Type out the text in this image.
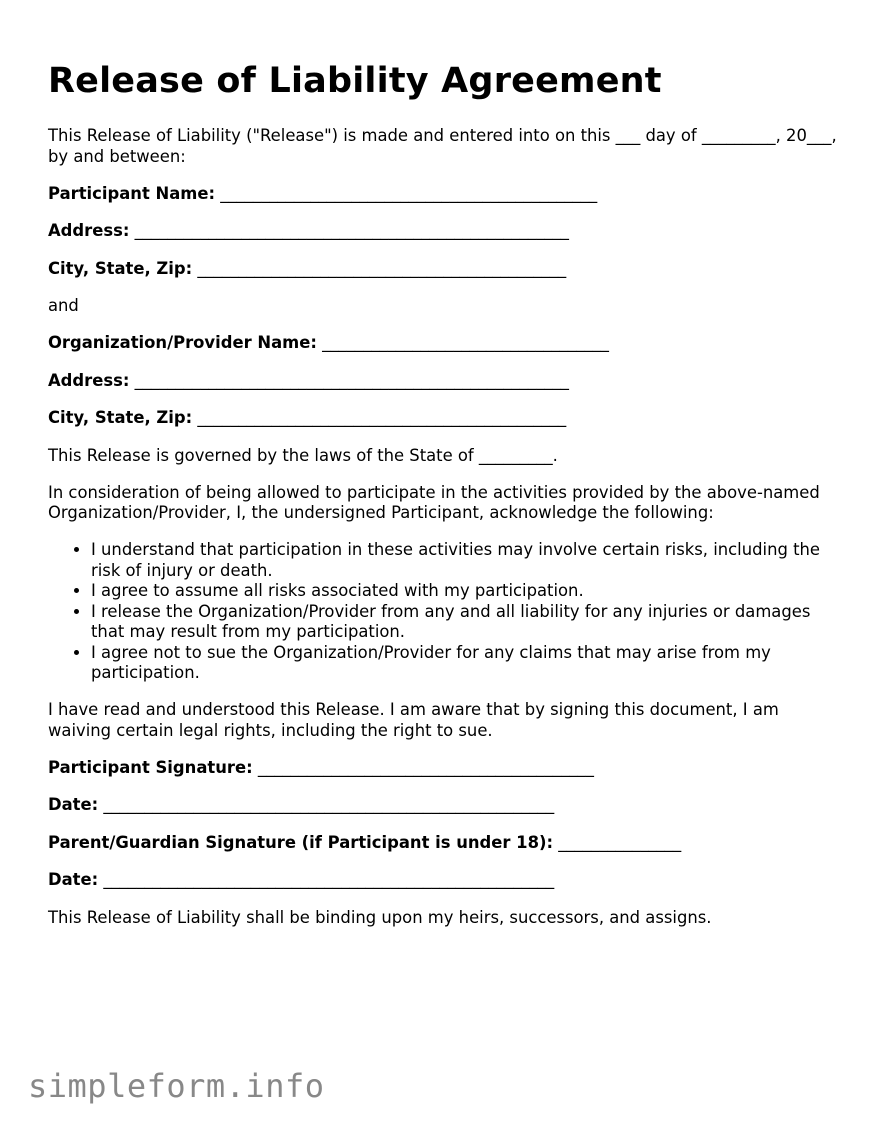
Release of Liability Agreement

This Release of Liability ("Release") is made and entered into on this ___ day of _________, 20___, by and between:

Participant Name: ______________________________________________
Address: _____________________________________________________
City, State, Zip: _____________________________________________

and

Organization/Provider Name: ___________________________________
Address: _____________________________________________________
City, State, Zip: _____________________________________________

This Release is governed by the laws of the State of _________.

In consideration of being allowed to participate in the activities provided by the above-named Organization/Provider, I, the undersigned Participant, acknowledge the following:

• I understand that participation in these activities may involve certain risks, including the risk of injury or death.
• I agree to assume all risks associated with my participation.
• I release the Organization/Provider from any and all liability for any injuries or damages that may result from my participation.
• I agree not to sue the Organization/Provider for any claims that may arise from my participation.

I have read and understood this Release. I am aware that by signing this document, I am waiving certain legal rights, including the right to sue.

Participant Signature: _________________________________________
Date: _______________________________________________________
Parent/Guardian Signature (if Participant is under 18): _______________
Date: _______________________________________________________

This Release of Liability shall be binding upon my heirs, successors, and assigns.

simpleform.info
